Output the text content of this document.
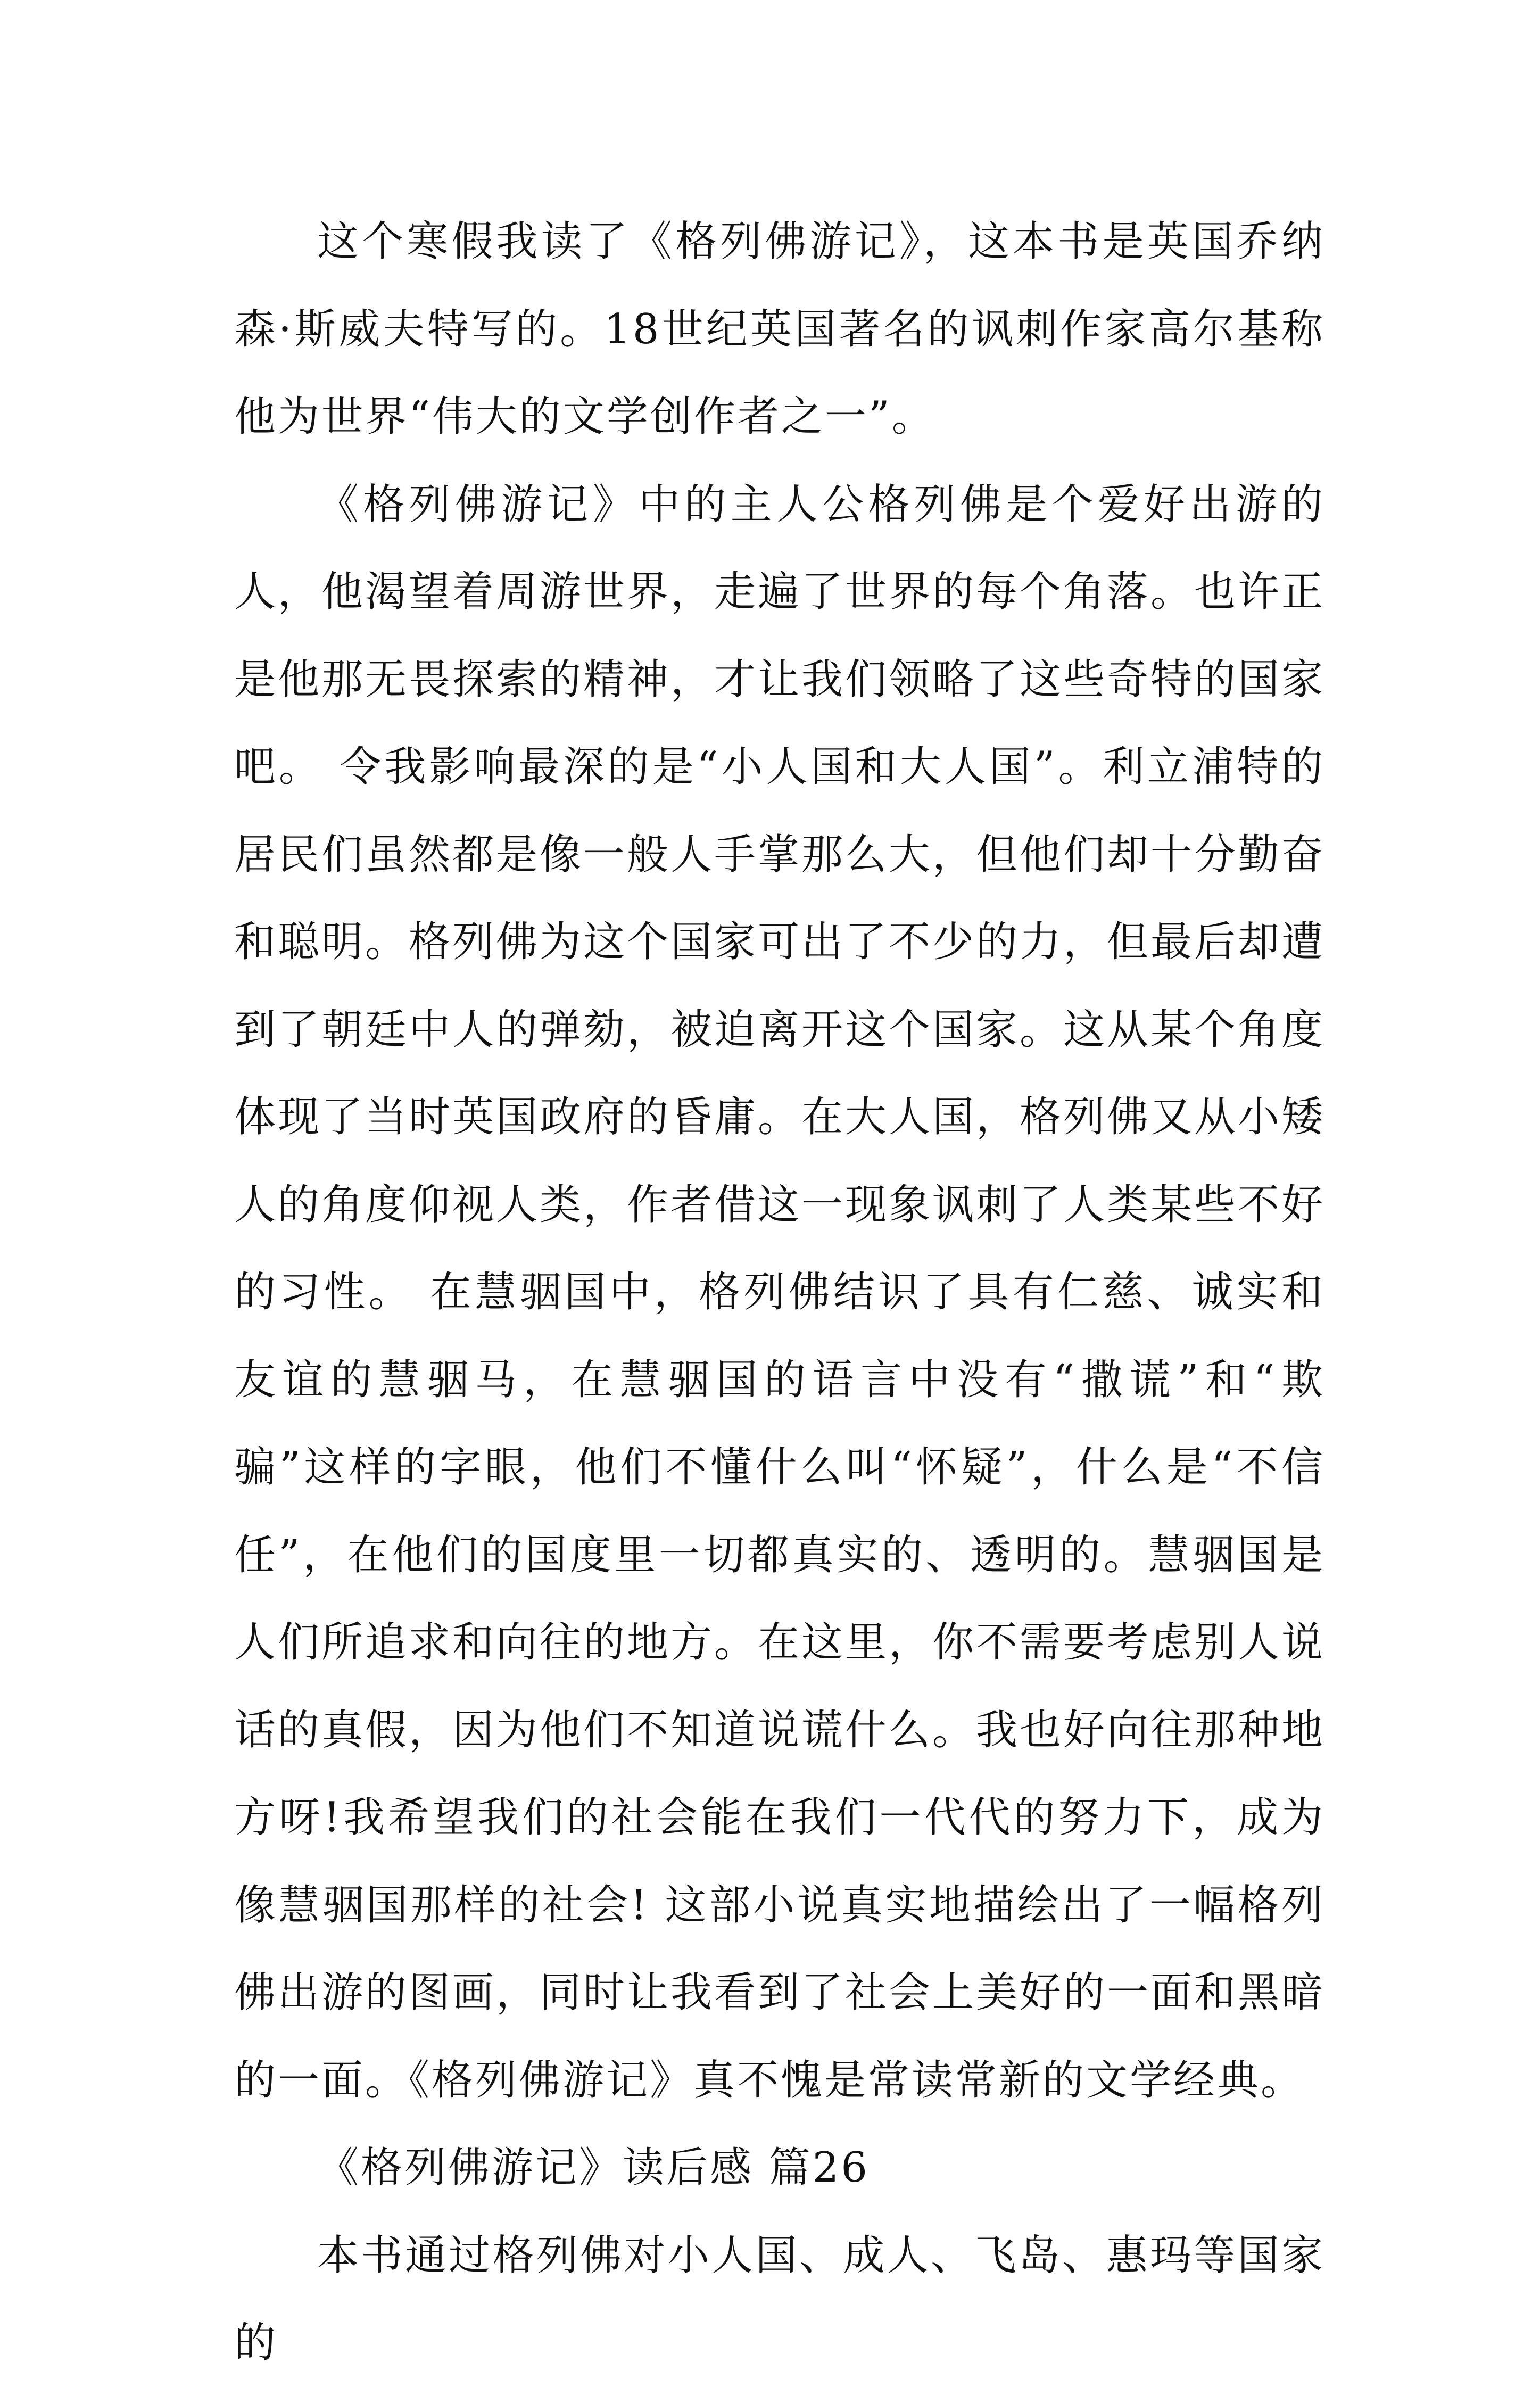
这个寒假我读了《格列佛游记》，这本书是英国乔纳森·斯威夫特写的。18世纪英国著名的讽刺作家高尔基称他为世界“伟大的文学创作者之一”。

《格列佛游记》中的主人公格列佛是个爱好出游的人，他渴望着周游世界，走遍了世界的每个角落。也许正是他那无畏探索的精神，才让我们领略了这些奇特的国家吧。 令我影响最深的是“小人国和大人国”。利立浦特的居民们虽然都是像一般人手掌那么大，但他们却十分勤奋和聪明。格列佛为这个国家可出了不少的力，但最后却遭到了朝廷中人的弹劾，被迫离开这个国家。这从某个角度体现了当时英国政府的昏庸。在大人国，格列佛又从小矮人的角度仰视人类，作者借这一现象讽刺了人类某些不好的习性。 在慧骃国中，格列佛结识了具有仁慈、诚实和友谊的慧骃马，在慧骃国的语言中没有“撒谎”和“欺骗”这样的字眼，他们不懂什么叫“怀疑”，什么是“不信任”，在他们的国度里一切都真实的、透明的。慧骃国是人们所追求和向往的地方。在这里，你不需要考虑别人说话的真假，因为他们不知道说谎什么。我也好向往那种地方呀!我希望我们的社会能在我们一代代的努力下，成为像慧骃国那样的社会! 这部小说真实地描绘出了一幅格列佛出游的图画，同时让我看到了社会上美好的一面和黑暗的一面。《格列佛游记》真不愧是常读常新的文学经典。

《格列佛游记》读后感 篇26

本书通过格列佛对小人国、成人、飞岛、惠玛等国家的
